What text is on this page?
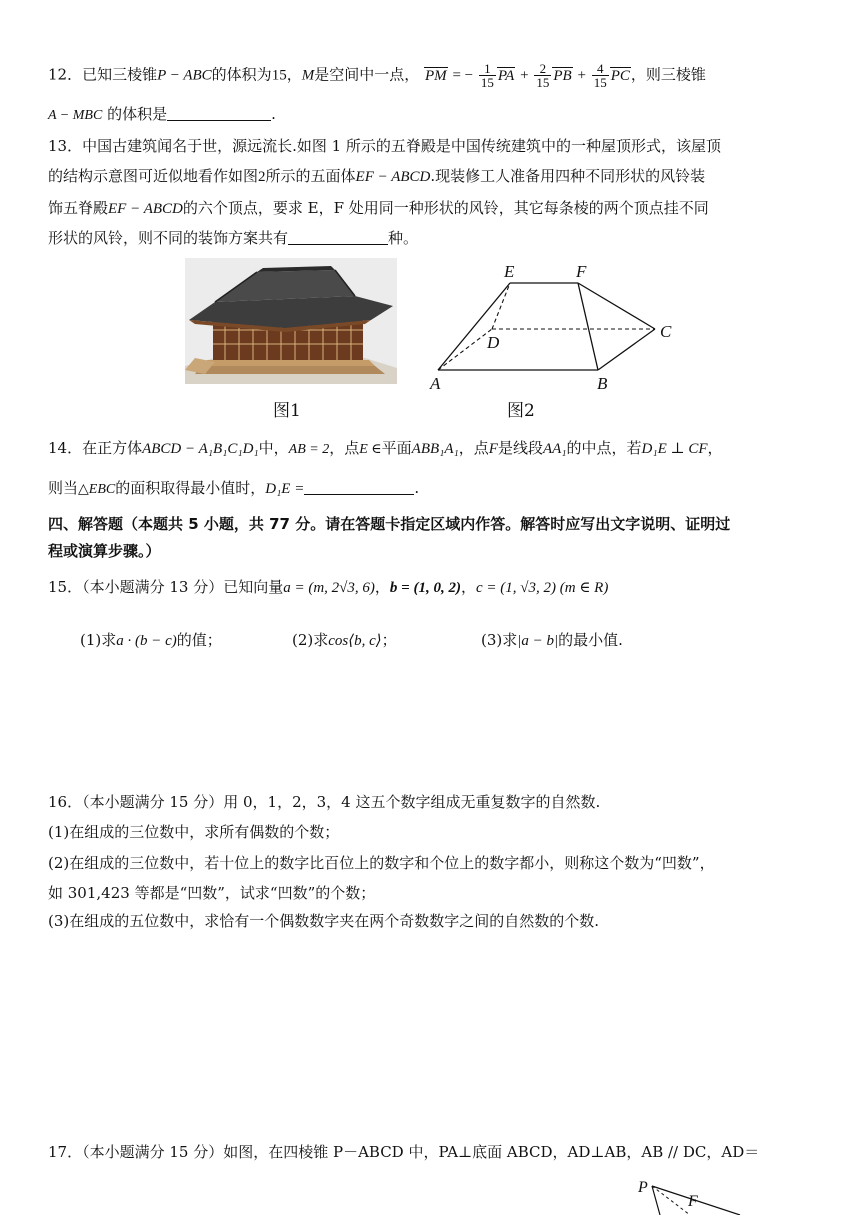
12．已知三棱锥P − ABC的体积为15，M是空间中一点， PM = − $\frac{1}{15}$ PA + $\frac{2}{15}$ PB + $\frac{4}{15}$ PC，则三棱锥
A − MBC 的体积是	.
13．中国古建筑闻名于世，源远流长.如图 1 所示的五脊殿是中国传统建筑中的一种屋顶形式，该屋顶
的结构示意图可近似地看作如图2所示的五面体EF − ABCD.现装修工人准备用四种不同形状的风铃装
饰五脊殿EF − ABCD的六个顶点，要求 E，F 处用同一种形状的风铃，其它每条棱的两个顶点挂不同
形状的风铃，则不同的装饰方案共有	种。
E	F
C
D
A	B
图1	图2
14．在正方体ABCD − A₁B₁C₁D₁中，AB = 2，点E ∈平面ABB₁A₁，点F是线段AA₁的中点，若D₁E ⊥ CF，
则当△EBC的面积取得最小值时，D₁E =	.
四、解答题（本题共 5 小题，共 77 分。请在答题卡指定区域内作答。解答时应写出文字说明、证明过
程或演算步骤。）
15．（本小题满分 13 分）已知向量a = (m, 2√3, 6)，b = (1, 0, 2)，c = (1, √3, 2) (m ∈ R)
(1)求a · (b − c)的值；	(2)求cos⟨b, c⟩；	(3)求|a − b|的最小值.
16．（本小题满分 15 分）用 0，1，2，3，4 这五个数字组成无重复数字的自然数.
(1)在组成的三位数中，求所有偶数的个数；
(2)在组成的三位数中，若十位上的数字比百位上的数字和个位上的数字都小，则称这个数为“凹数”，
如 301,423 等都是“凹数”，试求“凹数”的个数；
(3)在组成的五位数中，求恰有一个偶数数字夹在两个奇数数字之间的自然数的个数.
17．（本小题满分 15 分）如图，在四棱锥 P－ABCD 中，PA⊥底面 ABCD，AD⊥AB，AB // DC，AD＝
P
F
